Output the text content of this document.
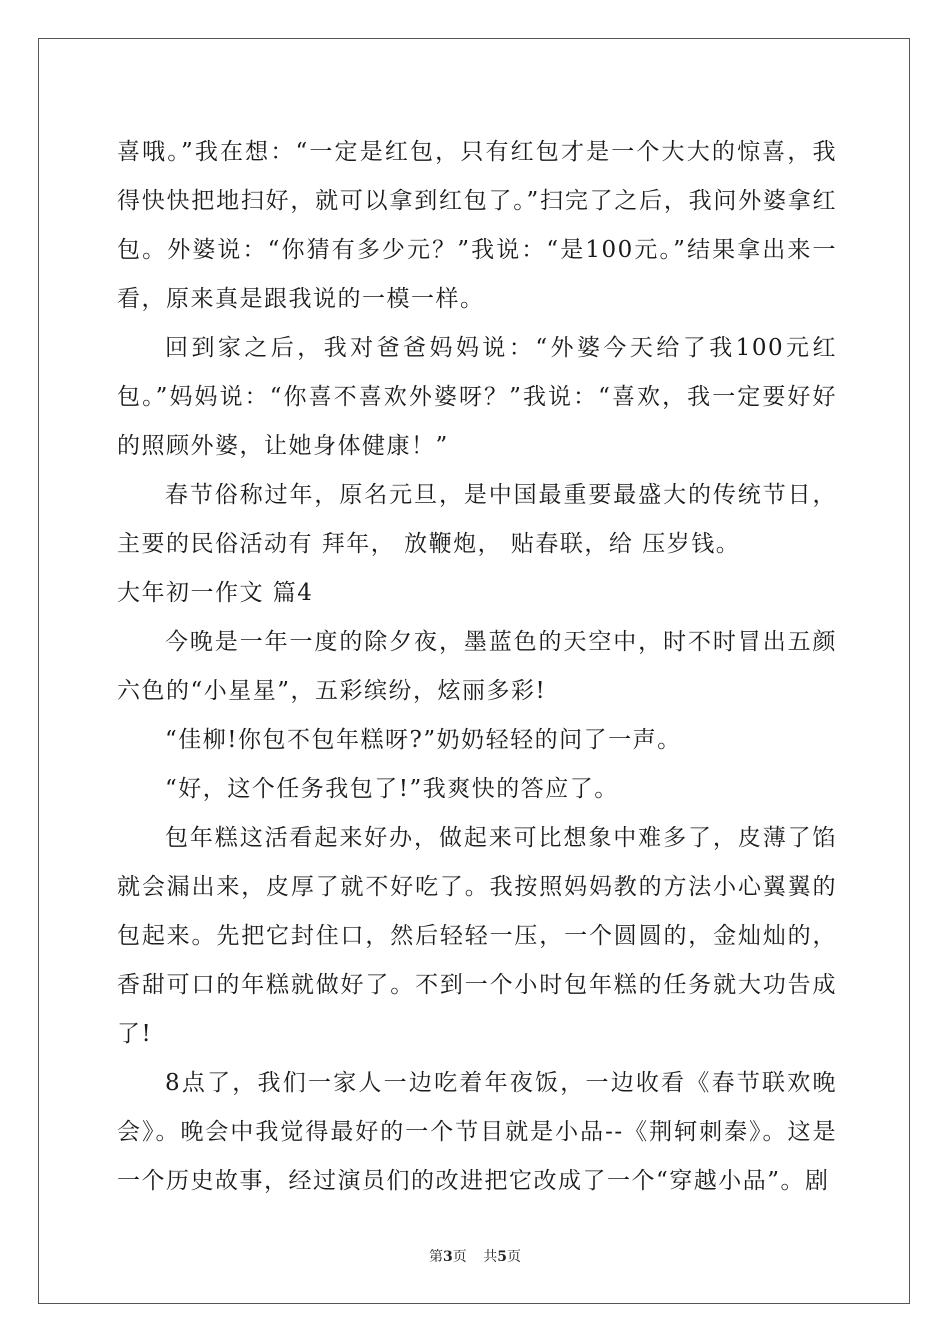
喜哦。”我在想：“一定是红包，只有红包才是一个大大的惊喜，我得快快把地扫好，就可以拿到红包了。”扫完了之后，我问外婆拿红包。外婆说：“你猜有多少元？”我说：“是100元。”结果拿出来一看，原来真是跟我说的一模一样。

回到家之后，我对爸爸妈妈说：“外婆今天给了我100元红包。”妈妈说：“你喜不喜欢外婆呀？”我说：“喜欢，我一定要好好的照顾外婆，让她身体健康！”

春节俗称过年，原名元旦，是中国最重要最盛大的传统节日，主要的民俗活动有 拜年， 放鞭炮， 贴春联，给 压岁钱。

大年初一作文 篇4

今晚是一年一度的除夕夜，墨蓝色的天空中，时不时冒出五颜六色的“小星星”，五彩缤纷，炫丽多彩!

“佳柳!你包不包年糕呀?”奶奶轻轻的问了一声。

“好，这个任务我包了!”我爽快的答应了。

包年糕这活看起来好办，做起来可比想象中难多了，皮薄了馅就会漏出来，皮厚了就不好吃了。我按照妈妈教的方法小心翼翼的包起来。先把它封住口，然后轻轻一压，一个圆圆的，金灿灿的，香甜可口的年糕就做好了。不到一个小时包年糕的任务就大功告成了!

8点了，我们一家人一边吃着年夜饭，一边收看《春节联欢晚会》。晚会中我觉得最好的一个节目就是小品--《荆轲刺秦》。这是一个历史故事，经过演员们的改进把它改成了一个“穿越小品”。剧

第3页 共5页
